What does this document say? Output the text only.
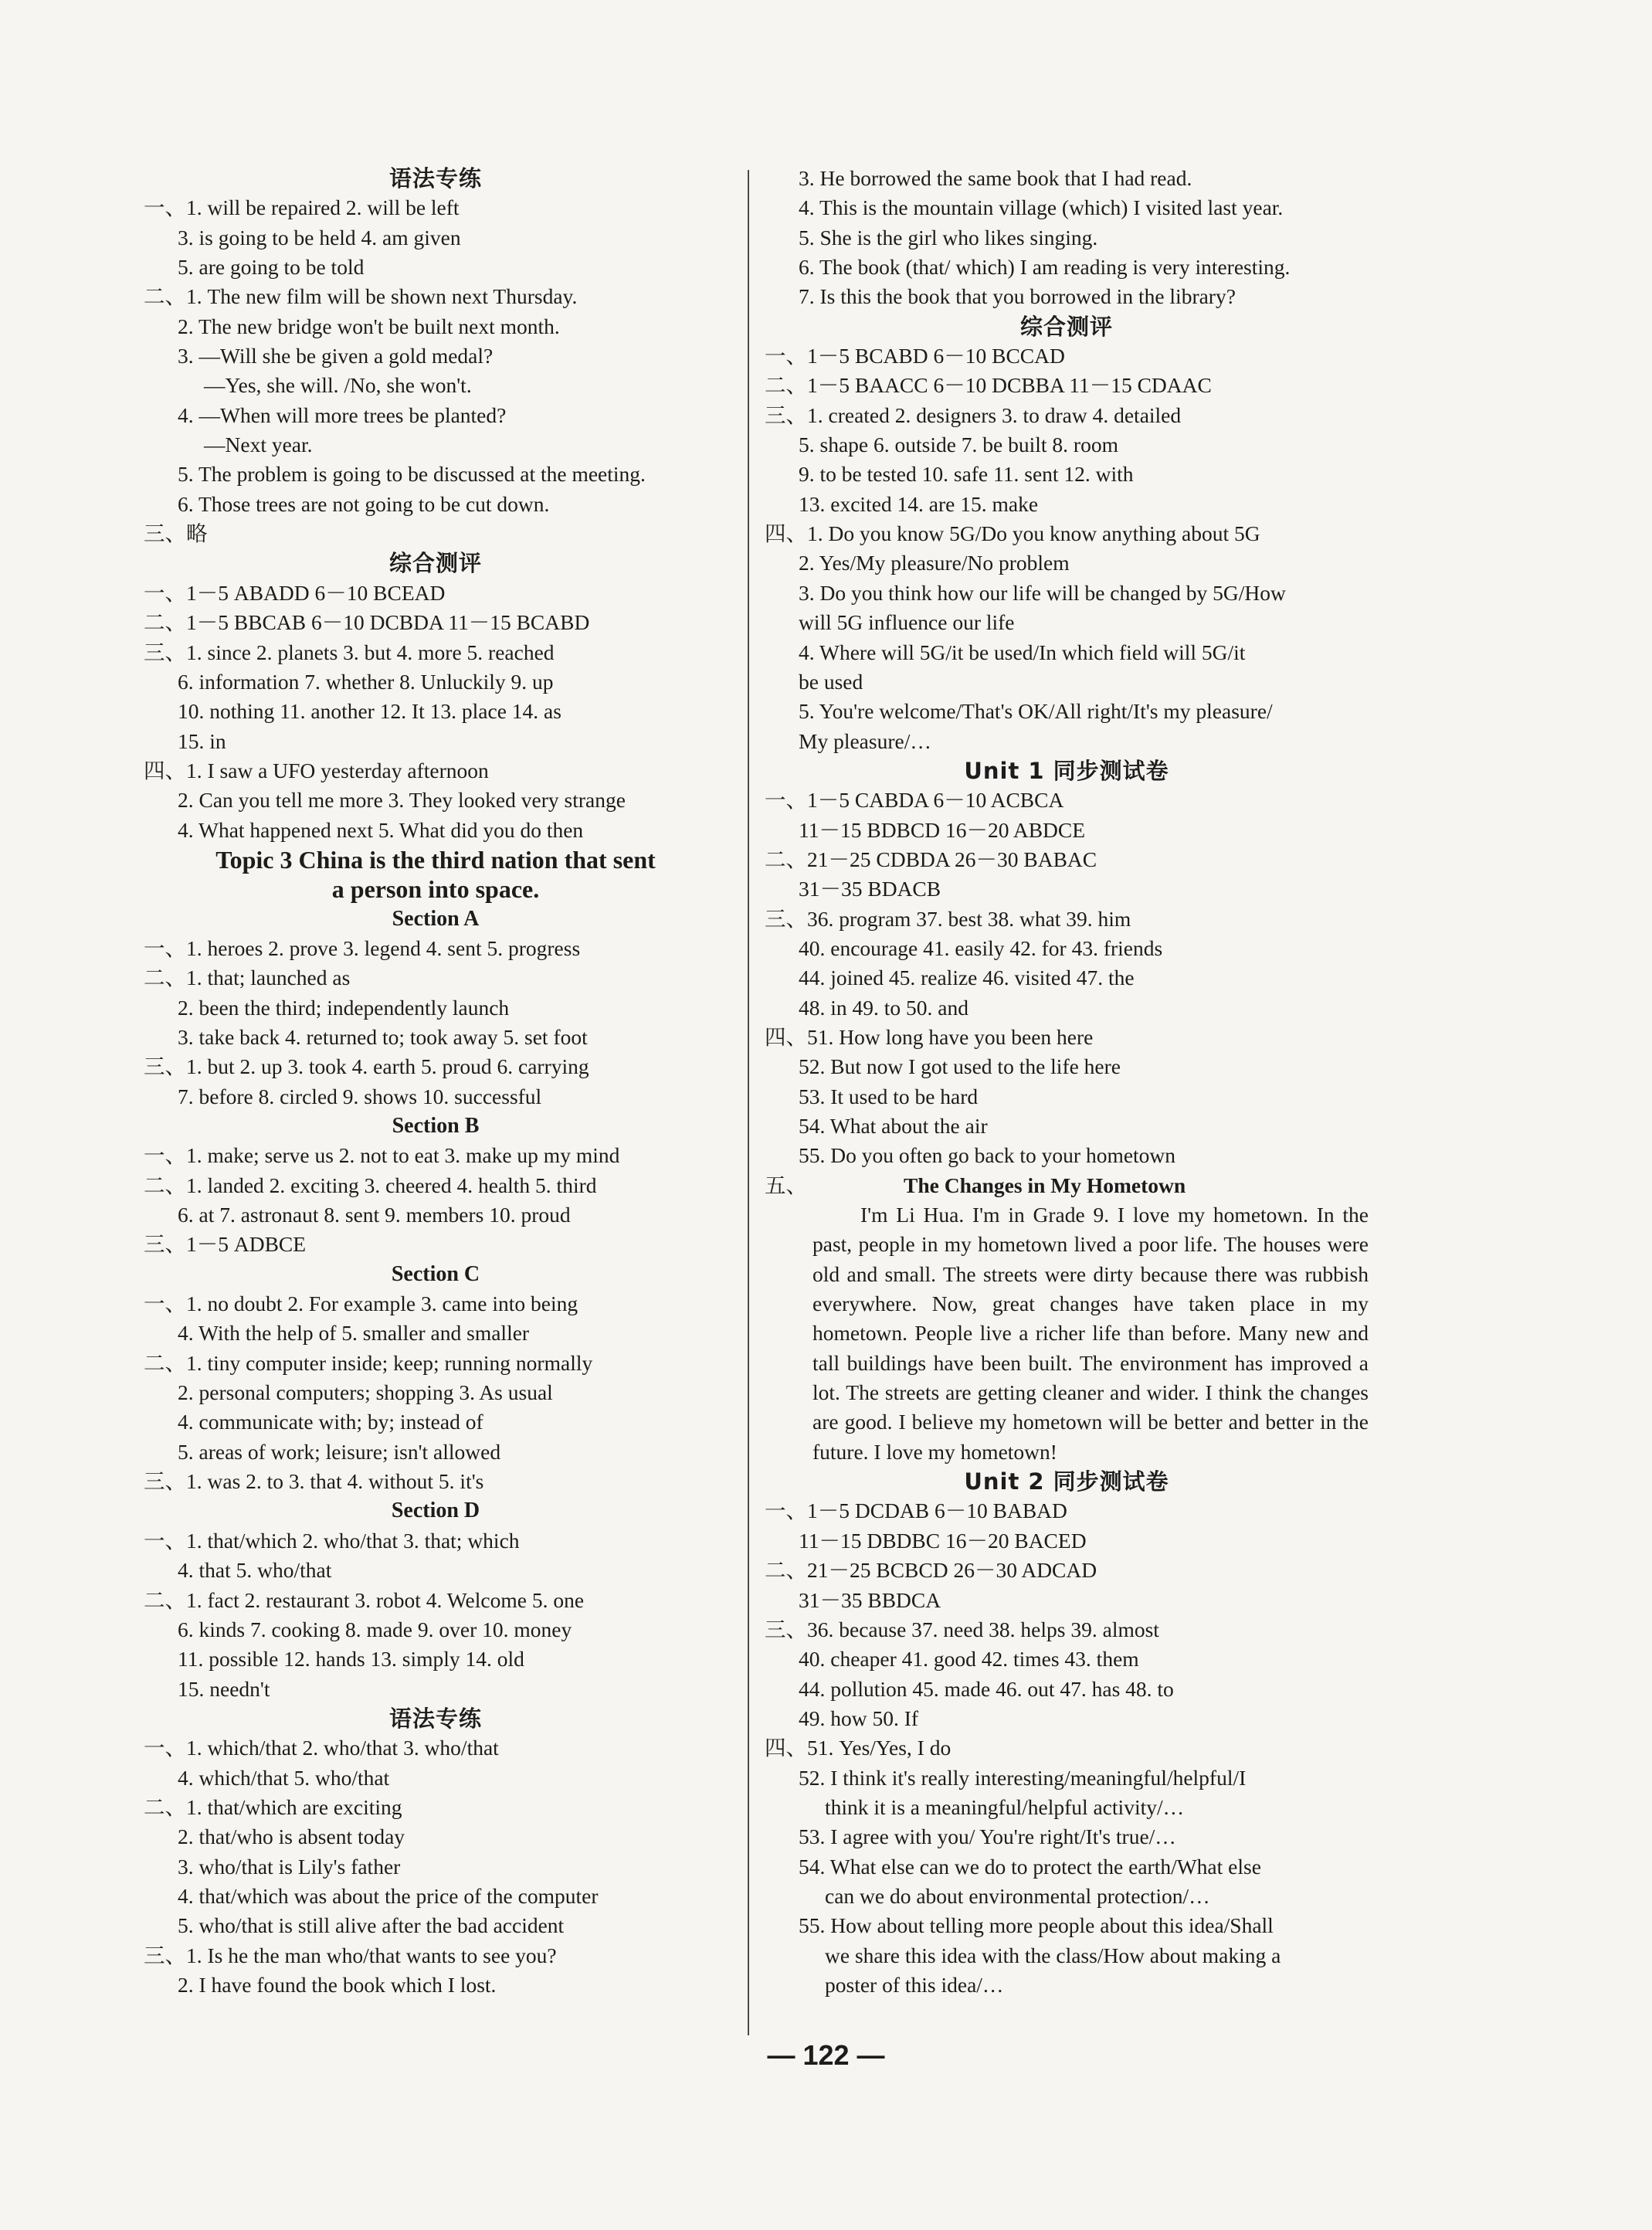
语法专练
一、1. will be repaired 2. will be left
3. is going to be held 4. am given
5. are going to be told
二、1. The new film will be shown next Thursday.
2. The new bridge won't be built next month.
3. —Will she be given a gold medal?
—Yes, she will. /No, she won't.
4. —When will more trees be planted?
—Next year.
5. The problem is going to be discussed at the meeting.
6. Those trees are not going to be cut down.
三、略
综合测评
一、1－5 ABADD 6－10 BCEAD
二、1－5 BBCAB 6－10 DCBDA 11－15 BCABD
三、1. since 2. planets 3. but 4. more 5. reached
6. information 7. whether 8. Unluckily 9. up
10. nothing 11. another 12. It 13. place 14. as
15. in
四、1. I saw a UFO yesterday afternoon
2. Can you tell me more 3. They looked very strange
4. What happened next 5. What did you do then
Topic 3 China is the third nation that sent
a person into space.
Section A
一、1. heroes 2. prove 3. legend 4. sent 5. progress
二、1. that; launched as
2. been the third; independently launch
3. take back 4. returned to; took away 5. set foot
三、1. but 2. up 3. took 4. earth 5. proud 6. carrying
7. before 8. circled 9. shows 10. successful
Section B
一、1. make; serve us 2. not to eat 3. make up my mind
二、1. landed 2. exciting 3. cheered 4. health 5. third
6. at 7. astronaut 8. sent 9. members 10. proud
三、1－5 ADBCE
Section C
一、1. no doubt 2. For example 3. came into being
4. With the help of 5. smaller and smaller
二、1. tiny computer inside; keep; running normally
2. personal computers; shopping 3. As usual
4. communicate with; by; instead of
5. areas of work; leisure; isn't allowed
三、1. was 2. to 3. that 4. without 5. it's
Section D
一、1. that/which 2. who/that 3. that; which
4. that 5. who/that
二、1. fact 2. restaurant 3. robot 4. Welcome 5. one
6. kinds 7. cooking 8. made 9. over 10. money
11. possible 12. hands 13. simply 14. old
15. needn't
语法专练
一、1. which/that 2. who/that 3. who/that
4. which/that 5. who/that
二、1. that/which are exciting
2. that/who is absent today
3. who/that is Lily's father
4. that/which was about the price of the computer
5. who/that is still alive after the bad accident
三、1. Is he the man who/that wants to see you?
2. I have found the book which I lost.
3. He borrowed the same book that I had read.
4. This is the mountain village (which) I visited last year.
5. She is the girl who likes singing.
6. The book (that/ which) I am reading is very interesting.
7. Is this the book that you borrowed in the library?
综合测评
一、1－5 BCABD 6－10 BCCAD
二、1－5 BAACC 6－10 DCBBA 11－15 CDAAC
三、1. created 2. designers 3. to draw 4. detailed
5. shape 6. outside 7. be built 8. room
9. to be tested 10. safe 11. sent 12. with
13. excited 14. are 15. make
四、1. Do you know 5G/Do you know anything about 5G
2. Yes/My pleasure/No problem
3. Do you think how our life will be changed by 5G/How
will 5G influence our life
4. Where will 5G/it be used/In which field will 5G/it
be used
5. You're welcome/That's OK/All right/It's my pleasure/
My pleasure/…
Unit 1 同步测试卷
一、1－5 CABDA 6－10 ACBCA
11－15 BDBCD 16－20 ABDCE
二、21－25 CDBDA 26－30 BABAC
31－35 BDACB
三、36. program 37. best 38. what 39. him
40. encourage 41. easily 42. for 43. friends
44. joined 45. realize 46. visited 47. the
48. in 49. to 50. and
四、51. How long have you been here
52. But now I got used to the life here
53. It used to be hard
54. What about the air
55. Do you often go back to your hometown
五、	The Changes in My Hometown
I'm Li Hua. I'm in Grade 9. I love my hometown. In the past, people in my hometown lived a poor life. The houses were old and small. The streets were dirty because there was rubbish everywhere. Now, great changes have taken place in my hometown. People live a richer life than before. Many new and tall buildings have been built. The environment has improved a lot. The streets are getting cleaner and wider. I think the changes are good. I believe my hometown will be better and better in the future. I love my hometown!
Unit 2 同步测试卷
一、1－5 DCDAB 6－10 BABAD
11－15 DBDBC 16－20 BACED
二、21－25 BCBCD 26－30 ADCAD
31－35 BBDCA
三、36. because 37. need 38. helps 39. almost
40. cheaper 41. good 42. times 43. them
44. pollution 45. made 46. out 47. has 48. to
49. how 50. If
四、51. Yes/Yes, I do
52. I think it's really interesting/meaningful/helpful/I
think it is a meaningful/helpful activity/…
53. I agree with you/ You're right/It's true/…
54. What else can we do to protect the earth/What else
can we do about environmental protection/…
55. How about telling more people about this idea/Shall
we share this idea with the class/How about making a
poster of this idea/…
— 122 —
